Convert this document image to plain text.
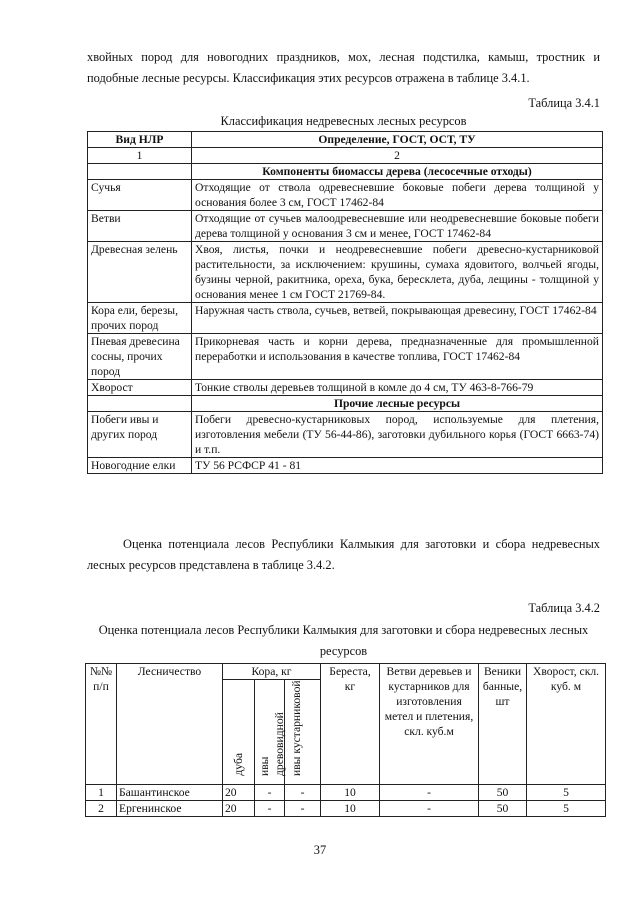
хвойных пород для новогодних праздников, мох, лесная подстилка, камыш, тростник и подобные лесные ресурсы. Классификация этих ресурсов отражена в таблице 3.4.1.
Таблица 3.4.1
Классификация недревесных лесных ресурсов
Вид НЛР	Определение, ГОСТ, ОСТ, ТУ
1	2
	Компоненты биомассы дерева (лесосечные отходы)
Сучья	Отходящие от ствола одревесневшие боковые побеги дерева толщиной у основания более 3 см, ГОСТ 17462-84
Ветви	Отходящие от сучьев малоодревесневшие или неодревесневшие боковые побеги дерева толщиной у основания 3 см и менее, ГОСТ 17462-84
Древесная зелень	Хвоя, листья, почки и неодревесневшие побеги древесно-кустарниковой растительности, за исключением: крушины, сумаха ядовитого, волчьей ягоды, бузины черной, ракитника, ореха, бука, бересклета, дуба, лещины - толщиной у основания менее 1 см ГОСТ 21769-84.
Кора ели, березы, прочих пород	Наружная часть ствола, сучьев, ветвей, покрывающая древесину, ГОСТ 17462-84
Пневая древесина сосны, прочих пород	Прикорневая часть и корни дерева, предназначенные для промышленной переработки и использования в качестве топлива, ГОСТ 17462-84
Хворост	Тонкие стволы деревьев толщиной в комле до 4 см, ТУ 463-8-766-79
	Прочие лесные ресурсы
Побеги ивы и других пород	Побеги древесно-кустарниковых пород, используемые для плетения, изготовления мебели (ТУ 56-44-86), заготовки дубильного корья (ГОСТ 6663-74) и т.п.
Новогодние елки	ТУ 56 РСФСР 41 - 81
Оценка потенциала лесов Республики Калмыкия для заготовки и сбора недревесных лесных ресурсов представлена в таблице 3.4.2.
Таблица 3.4.2
Оценка потенциала лесов Республики Калмыкия для заготовки и сбора недревесных лесных ресурсов
№№ п/п	Лесничество	Кора, кг			Береста, кг	Ветви деревьев и кустарников для изготовления метел и плетения, скл. куб.м	Веники банные, шт	Хворост, скл. куб. м
		дуба	ивы древовидной	ивы кустарниковой				
1	Башантинское	20	-	-	10	-	50	5
2	Ергенинское	20	-	-	10	-	50	5
37
